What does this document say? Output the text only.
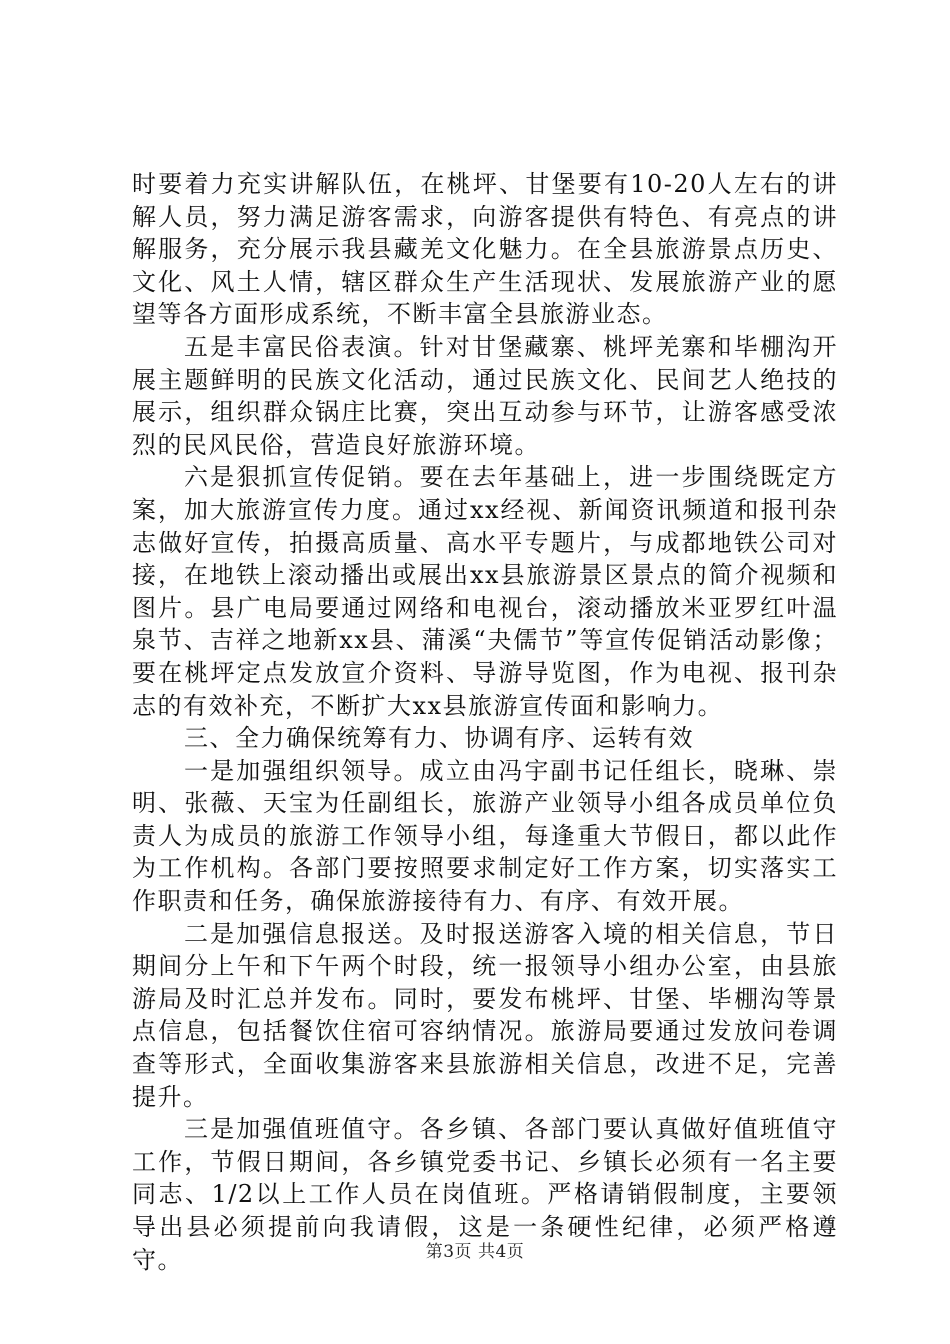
时要着力充实讲解队伍，在桃坪、甘堡要有10-20人左右的讲解人员，努力满足游客需求，向游客提供有特色、有亮点的讲解服务，充分展示我县藏羌文化魅力。在全县旅游景点历史、文化、风土人情，辖区群众生产生活现状、发展旅游产业的愿望等各方面形成系统，不断丰富全县旅游业态。

五是丰富民俗表演。针对甘堡藏寨、桃坪羌寨和毕棚沟开展主题鲜明的民族文化活动，通过民族文化、民间艺人绝技的展示，组织群众锅庄比赛，突出互动参与环节，让游客感受浓烈的民风民俗，营造良好旅游环境。

六是狠抓宣传促销。要在去年基础上，进一步围绕既定方案，加大旅游宣传力度。通过xx经视、新闻资讯频道和报刊杂志做好宣传，拍摄高质量、高水平专题片，与成都地铁公司对接，在地铁上滚动播出或展出xx县旅游景区景点的简介视频和图片。县广电局要通过网络和电视台，滚动播放米亚罗红叶温泉节、吉祥之地新xx县、蒲溪“夬儒节”等宣传促销活动影像；要在桃坪定点发放宣介资料、导游导览图，作为电视、报刊杂志的有效补充，不断扩大xx县旅游宣传面和影响力。

三、全力确保统筹有力、协调有序、运转有效

一是加强组织领导。成立由冯宇副书记任组长，晓琳、崇明、张薇、天宝为任副组长，旅游产业领导小组各成员单位负责人为成员的旅游工作领导小组，每逢重大节假日，都以此作为工作机构。各部门要按照要求制定好工作方案，切实落实工作职责和任务，确保旅游接待有力、有序、有效开展。

二是加强信息报送。及时报送游客入境的相关信息，节日期间分上午和下午两个时段，统一报领导小组办公室，由县旅游局及时汇总并发布。同时，要发布桃坪、甘堡、毕棚沟等景点信息，包括餐饮住宿可容纳情况。旅游局要通过发放问卷调查等形式，全面收集游客来县旅游相关信息，改进不足，完善提升。

三是加强值班值守。各乡镇、各部门要认真做好值班值守工作，节假日期间，各乡镇党委书记、乡镇长必须有一名主要同志、1/2以上工作人员在岗值班。严格请销假制度，主要领导出县必须提前向我请假，这是一条硬性纪律，必须严格遵守。	第3页 共4页
